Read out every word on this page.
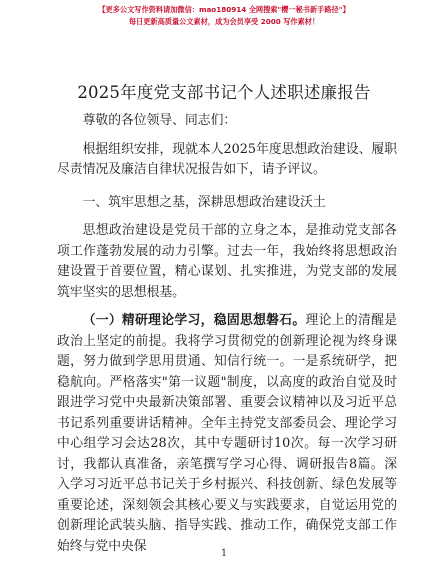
【更多公文写作资料请加微信：mao180914 全网搜索"樱一秘书新手路径"】
每日更新高质量公文素材，成为会员享受 2000 写作素材！
2025年度党支部书记个人述职述廉报告

尊敬的各位领导、同志们：

根据组织安排，现就本人2025年度思想政治建设、履职尽责情况及廉洁自律状况报告如下，请予评议。

一、筑牢思想之基，深耕思想政治建设沃土

思想政治建设是党员干部的立身之本，是推动党支部各项工作蓬勃发展的动力引擎。过去一年，我始终将思想政治建设置于首要位置，精心谋划、扎实推进，为党支部的发展筑牢坚实的思想根基。

（一）精研理论学习，稳固思想磐石。理论上的清醒是政治上坚定的前提。我将学习贯彻党的创新理论视为终身课题，努力做到学思用贯通、知信行统一。一是系统研学，把稳航向。严格落实"第一议题"制度，以高度的政治自觉及时跟进学习党中央最新决策部署、重要会议精神以及习近平总书记系列重要讲话精神。全年主持党支部委员会、理论学习中心组学习会达28次，其中专题研讨10次。每一次学习研讨，我都认真准备，亲笔撰写学习心得、调研报告8篇。深入学习习近平总书记关于乡村振兴、科技创新、绿色发展等重要论述，深刻领会其核心要义与实践要求，自觉运用党的创新理论武装头脑、指导实践、推动工作，确保党支部工作始终与党中央保	1
